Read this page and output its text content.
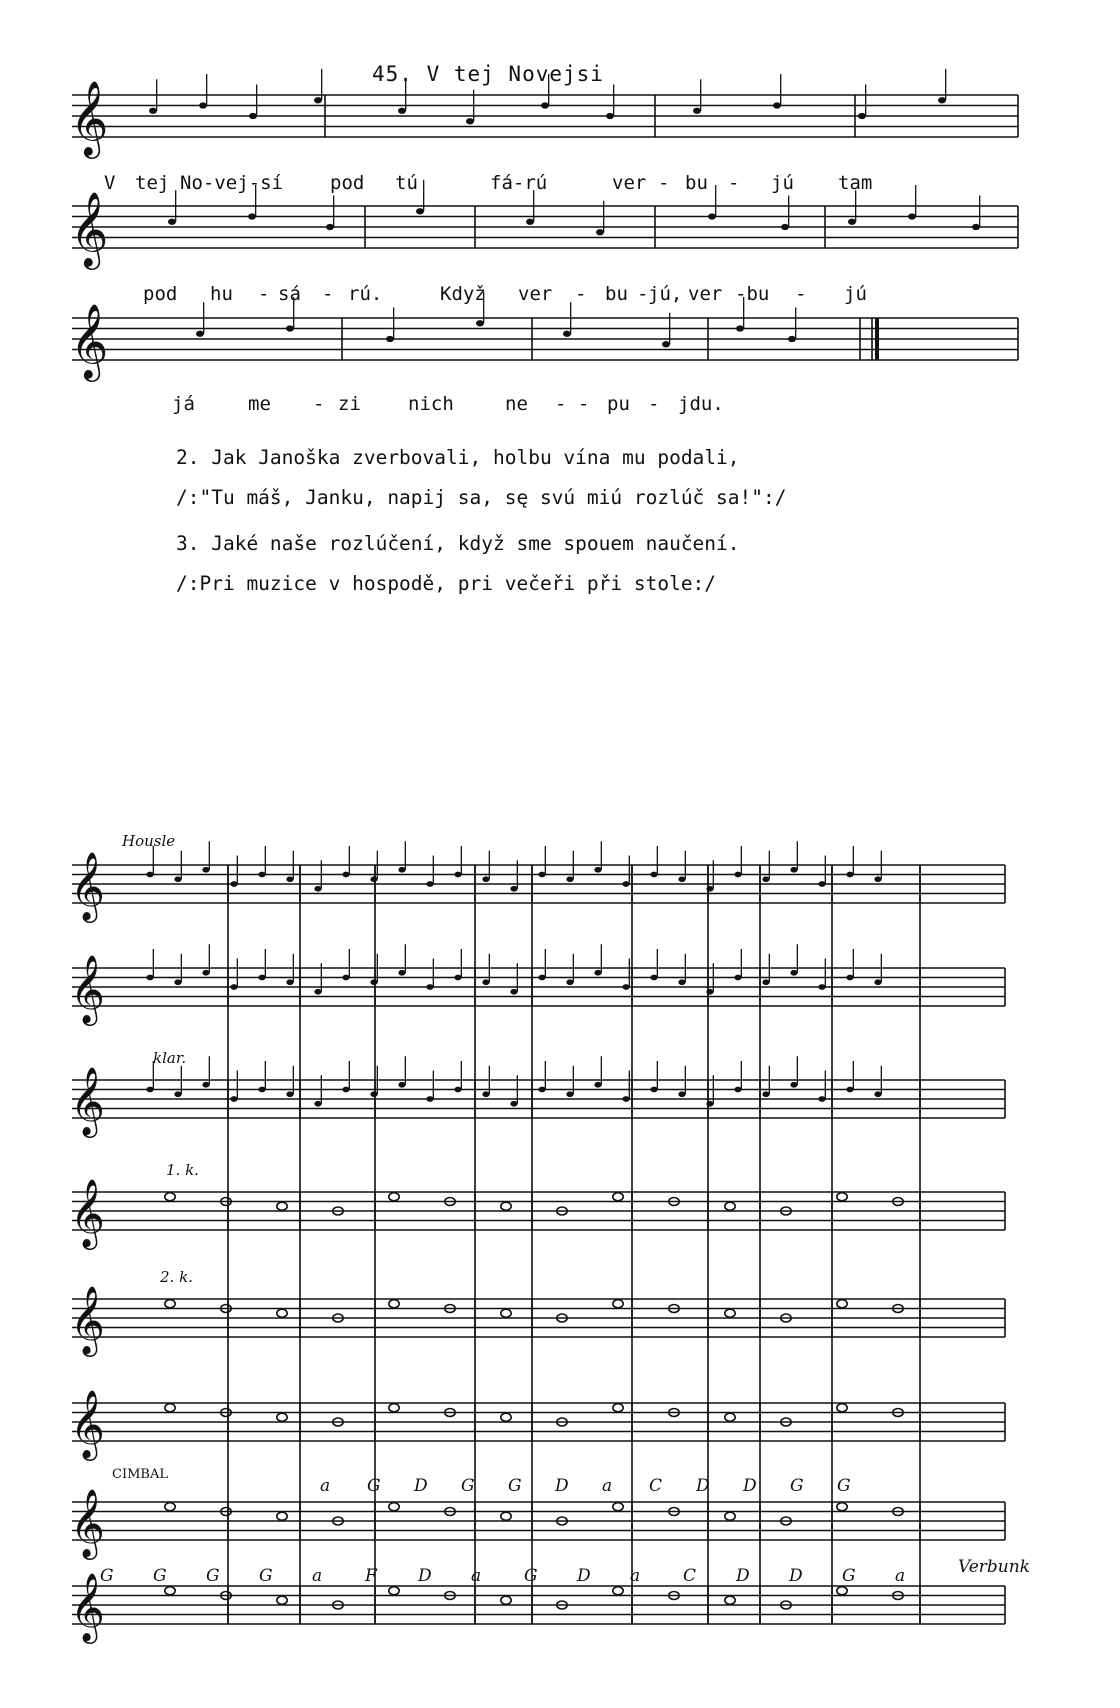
45. V tej Novejsi
𝄞
𝄞
𝄞
𝄞
𝄞
𝄞
𝄞
𝄞
𝄞
𝄞
𝄞
V tej No-vej-sí pod tú	fá-rú	ver - bu - jú tam
pod hu - sá - rú.	Když ver - bu - jú, ver -bu - jú
já	me - zi nich	ne - - pu - jdu.
2. Jak Janoška zverbovali, holbu vína mu podali,
/:"Tu máš, Janku, napij sa, sę svú miú rozlúč sa!":/
3. Jaké naše rozlúčení, když sme spouem naučení.
/:Pri muzice v hospodě, pri večeři při stole:/
Housle
klar.
1. k.
2. k.
CIMBAL
Verbunk
a G D G G D a C D D G G
G G G G a	F D a	G D a	C D D G a
